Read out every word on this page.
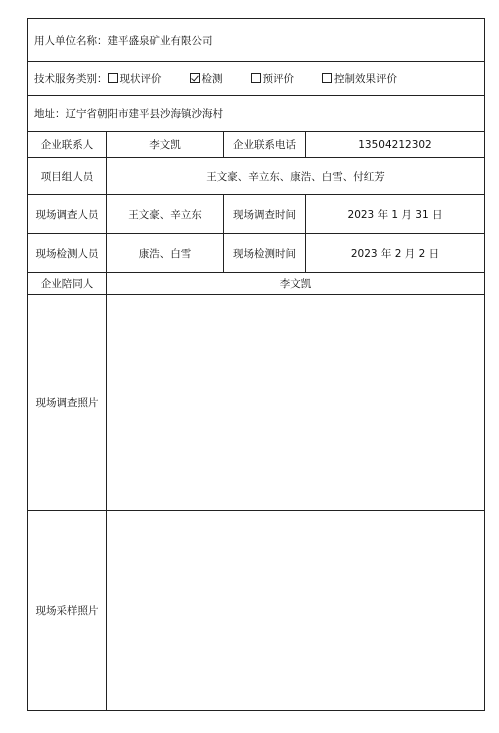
用人单位名称：建平盛泉矿业有限公司			
技术服务类别： 现状评价 检测 预评价 控制效果评价			
地址：辽宁省朝阳市建平县沙海镇沙海村			
企业联系人	李文凯	企业联系电话	13504212302
项目组人员	王文豪、辛立东、康浩、白雪、付红芳		
现场调查人员	王文豪、辛立东	现场调查时间	2023 年 1 月 31 日
现场检测人员	康浩、白雪	现场检测时间	2023 年 2 月 2 日
企业陪同人	李文凯		
现场调查照片			
现场采样照片			
